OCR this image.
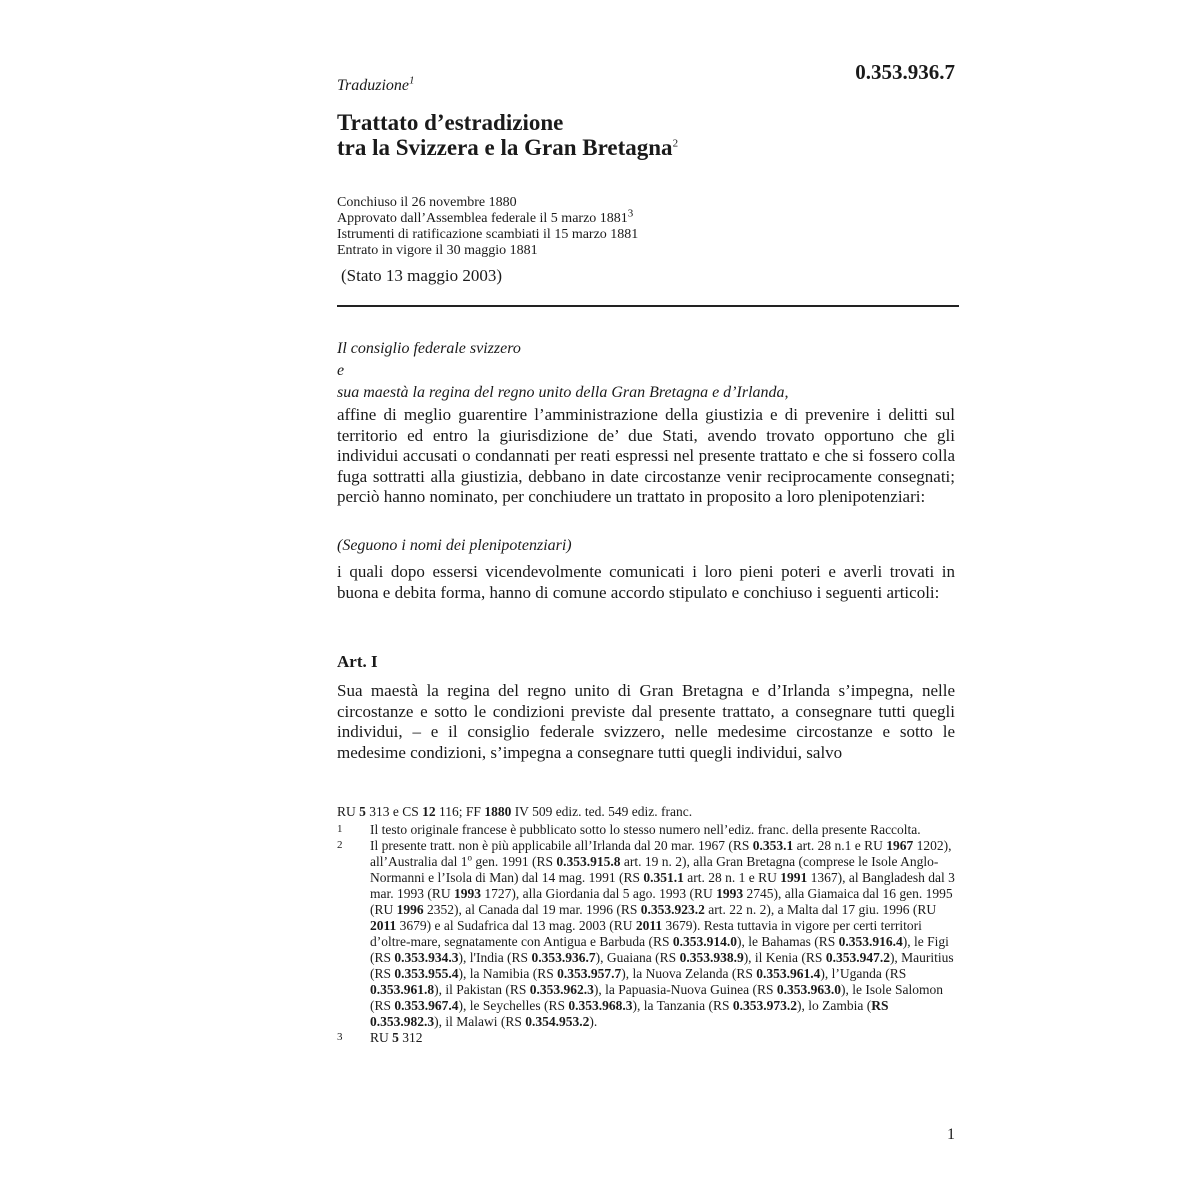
0.353.936.7
Traduzione$^1$
Trattato d’estradizione
tra la Svizzera e la Gran Bretagna$^2$
Conchiuso il 26 novembre 1880
Approvato dall’Assemblea federale il 5 marzo 1881$^3$
Istrumenti di ratificazione scambiati il 15 marzo 1881
Entrato in vigore il 30 maggio 1881
(Stato 13 maggio 2003)
Il consiglio federale svizzero
e
sua maestà la regina del regno unito della Gran Bretagna e d’Irlanda,
affine di meglio guarentire l’amministrazione della giustizia e di prevenire i delitti sul territorio ed entro la giurisdizione de’ due Stati, avendo trovato opportuno che gli individui accusati o condannati per reati espressi nel presente trattato e che si fossero colla fuga sottratti alla giustizia, debbano in date circostanze venir reciprocamente consegnati; perciò hanno nominato, per conchiudere un trattato in proposito a loro plenipotenziari:
(Seguono i nomi dei plenipotenziari)
i quali dopo essersi vicendevolmente comunicati i loro pieni poteri e averli trovati in buona e debita forma, hanno di comune accordo stipulato e conchiuso i seguenti articoli:
Art. I
Sua maestà la regina del regno unito di Gran Bretagna e d’Irlanda s’impegna, nelle circostanze e sotto le condizioni previste dal presente trattato, a consegnare tutti quegli individui, – e il consiglio federale svizzero, nelle medesime circostanze e sotto le medesime condizioni, s’impegna a consegnare tutti quegli individui, salvo
RU 5 313 e CS 12 116; FF 1880 IV 509 ediz. ted. 549 ediz. franc.
1 Il testo originale francese è pubblicato sotto lo stesso numero nell’ediz. franc. della presente Raccolta.
2 Il presente tratt. non è più applicabile all’Irlanda dal 20 mar. 1967 (RS 0.353.1 art. 28 n.1 e RU 1967 1202), all’Australia dal 1$^o$ gen. 1991 (RS 0.353.915.8 art. 19 n. 2), alla Gran Bretagna (comprese le Isole Anglo-Normanni e l’Isola di Man) dal 14 mag. 1991 (RS 0.351.1 art. 28 n. 1 e RU 1991 1367), al Bangladesh dal 3 mar. 1993 (RU 1993 1727), alla Giordania dal 5 ago. 1993 (RU 1993 2745), alla Giamaica dal 16 gen. 1995 (RU 1996 2352), al Canada dal 19 mar. 1996 (RS 0.353.923.2 art. 22 n. 2), a Malta dal 17 giu. 1996 (RU 2011 3679) e al Sudafrica dal 13 mag. 2003 (RU 2011 3679). Resta tuttavia in vigore per certi territori d’oltre-mare, segnatamente con Antigua e Barbuda (RS 0.353.914.0), le Bahamas (RS 0.353.916.4), le Figi (RS 0.353.934.3), l'India (RS 0.353.936.7), Guaiana (RS 0.353.938.9), il Kenia (RS 0.353.947.2), Mauritius (RS 0.353.955.4), la Namibia (RS 0.353.957.7), la Nuova Zelanda (RS 0.353.961.4), l’Uganda (RS 0.353.961.8), il Pakistan (RS 0.353.962.3), la Papuasia-Nuova Guinea (RS 0.353.963.0), le Isole Salomon (RS 0.353.967.4), le Seychelles (RS 0.353.968.3), la Tanzania (RS 0.353.973.2), lo Zambia (RS 0.353.982.3), il Malawi (RS 0.354.953.2).
3 RU 5 312
1
